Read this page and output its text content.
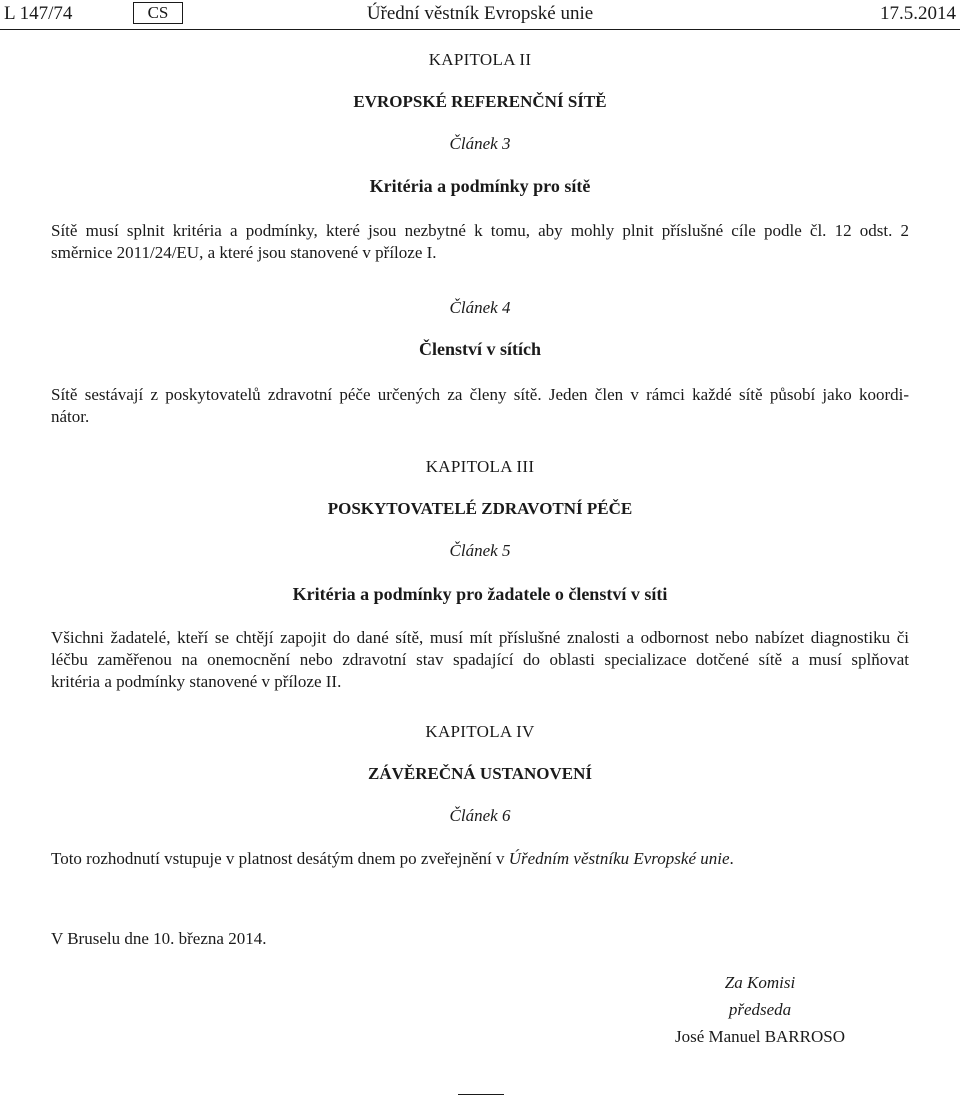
L 147/74	CS	Úřední věstník Evropské unie	17.5.2014
KAPITOLA II
EVROPSKÉ REFERENČNÍ SÍTĚ
Článek 3
Kritéria a podmínky pro sítě
Sítě musí splnit kritéria a podmínky, které jsou nezbytné k tomu, aby mohly plnit příslušné cíle podle čl. 12 odst. 2
směrnice 2011/24/EU, a které jsou stanovené v příloze I.
Článek 4
Členství v sítích
Sítě sestávají z poskytovatelů zdravotní péče určených za členy sítě. Jeden člen v rámci každé sítě působí jako koordi-
nátor.
KAPITOLA III
POSKYTOVATELÉ ZDRAVOTNÍ PÉČE
Článek 5
Kritéria a podmínky pro žadatele o členství v síti
Všichni žadatelé, kteří se chtějí zapojit do dané sítě, musí mít příslušné znalosti a odbornost nebo nabízet diagnostiku či
léčbu zaměřenou na onemocnění nebo zdravotní stav spadající do oblasti specializace dotčené sítě a musí splňovat
kritéria a podmínky stanovené v příloze II.
KAPITOLA IV
ZÁVĚREČNÁ USTANOVENÍ
Článek 6
Toto rozhodnutí vstupuje v platnost desátým dnem po zveřejnění v Úředním věstníku Evropské unie.
V Bruselu dne 10. března 2014.
Za Komisi
předseda
José Manuel BARROSO
